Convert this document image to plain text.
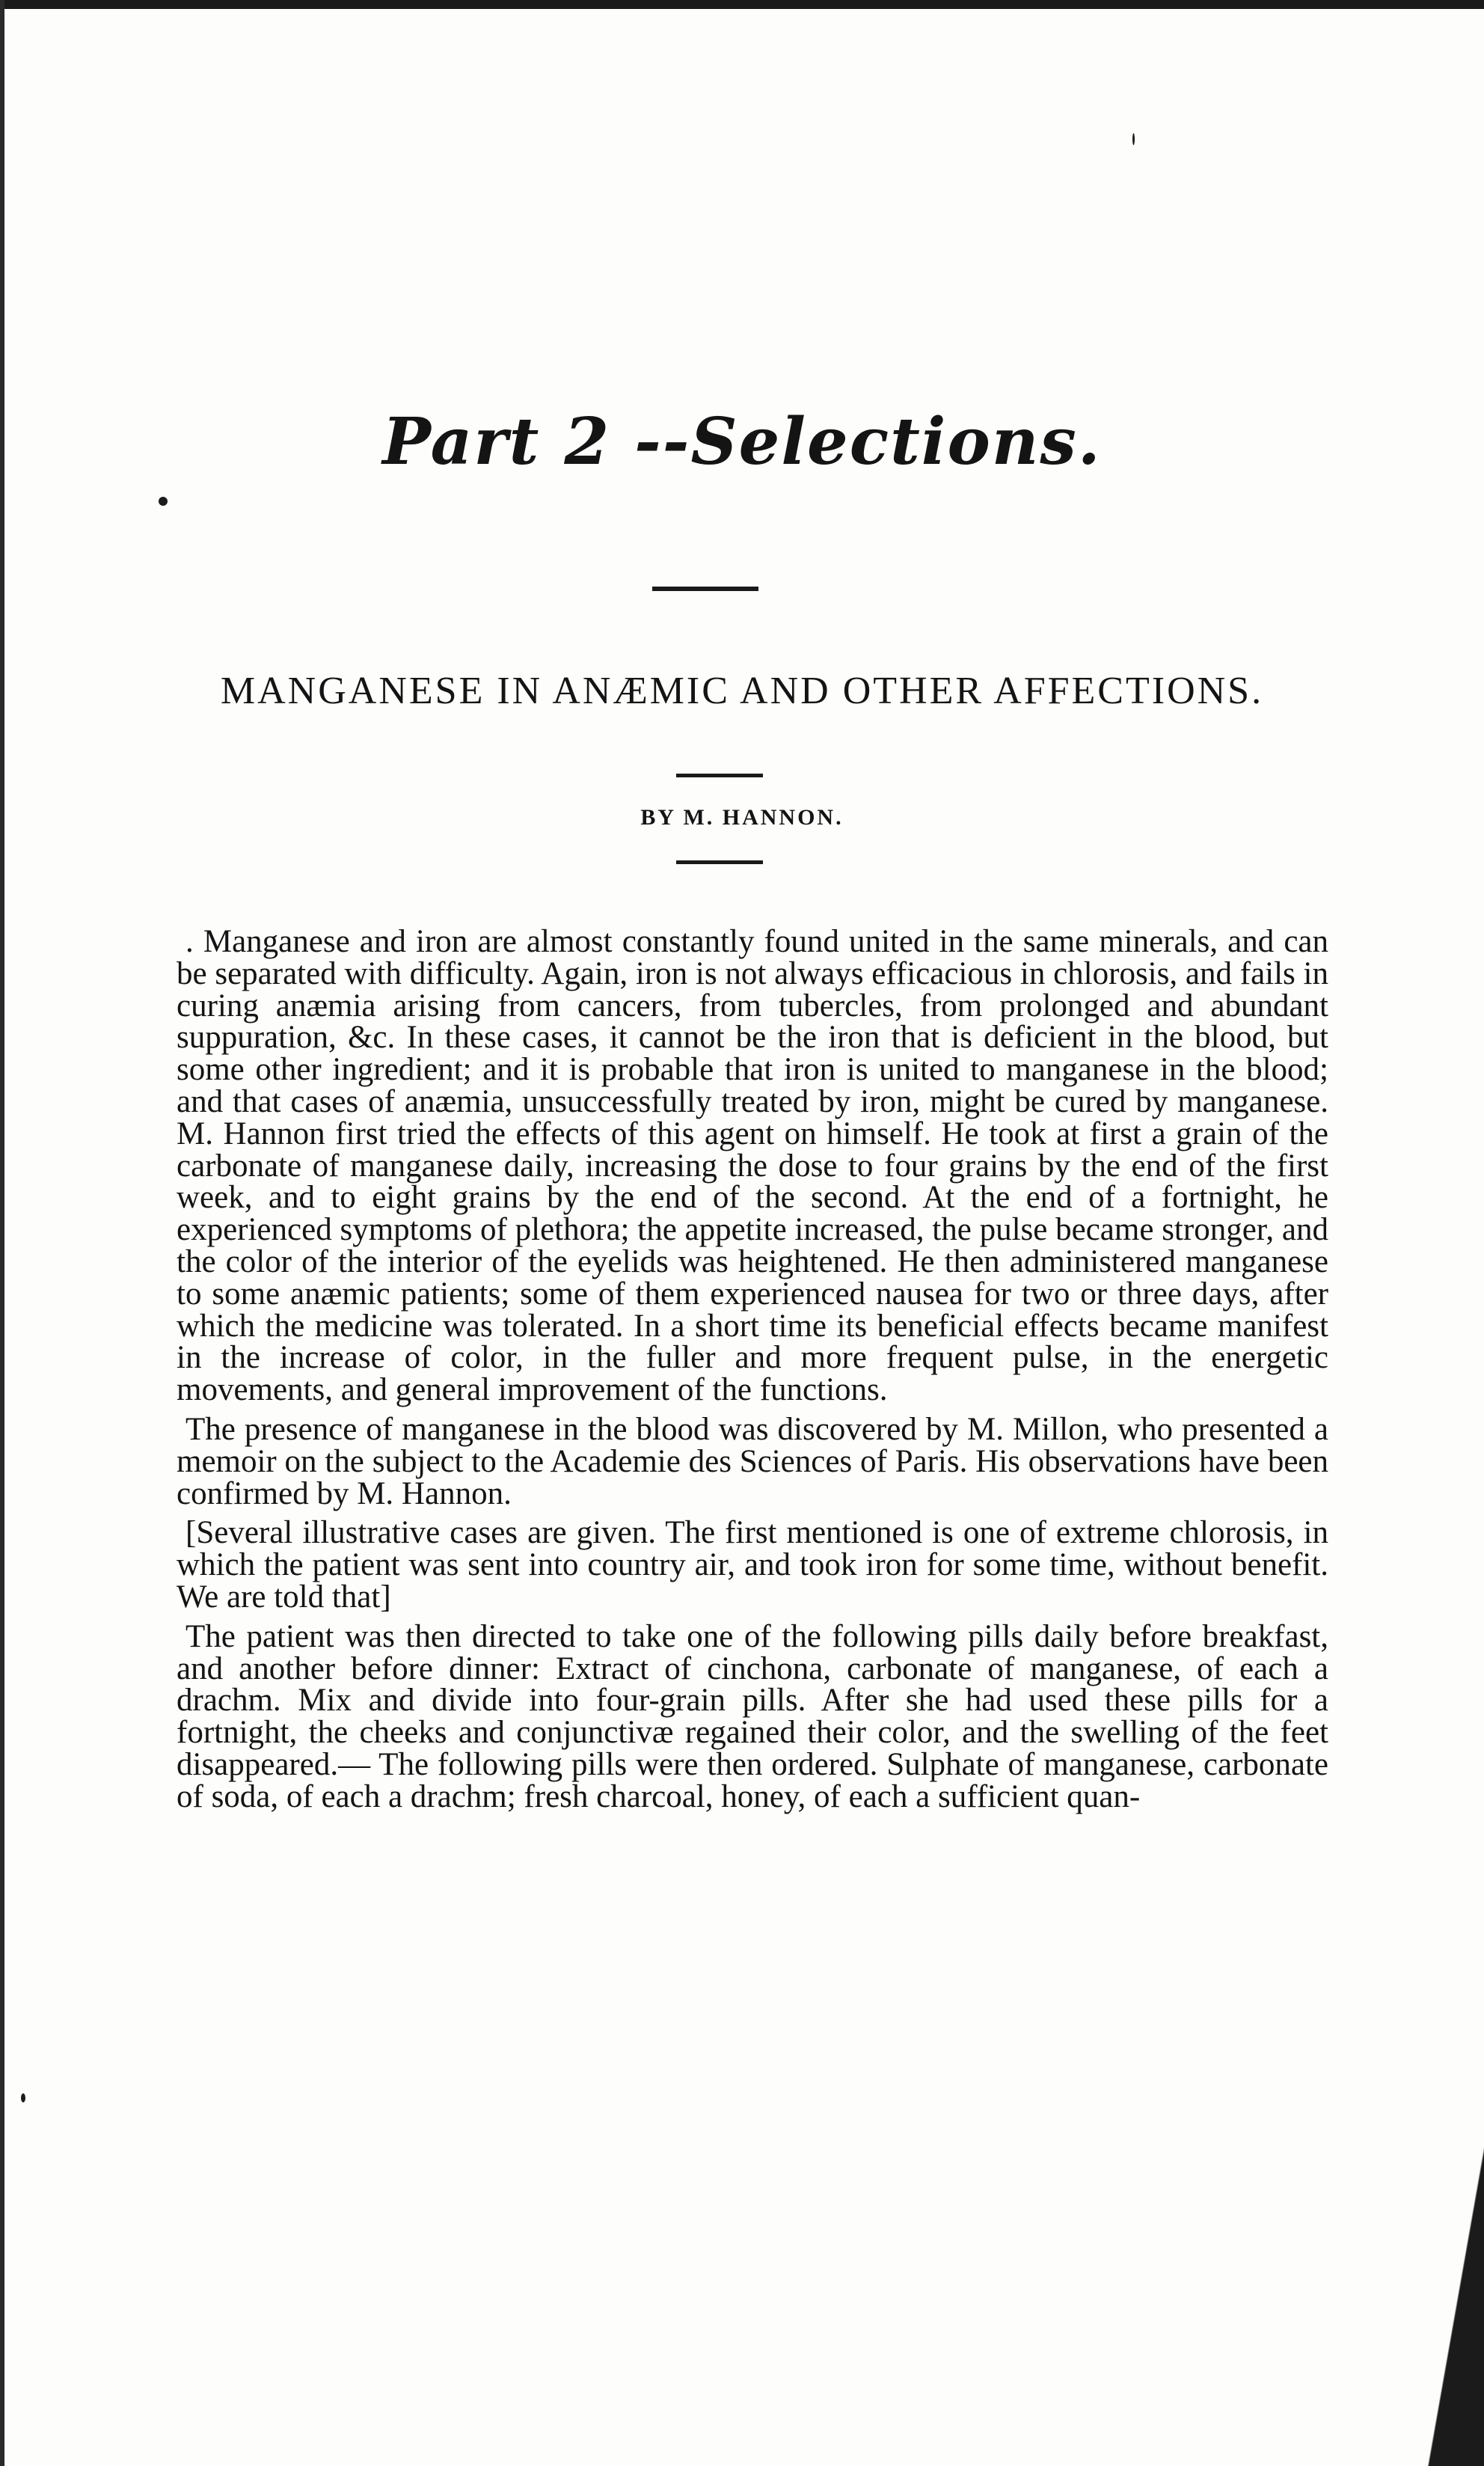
Part 2 --Selections.
MANGANESE IN ANÆMIC AND OTHER AFFECTIONS.
BY M. HANNON.

. Manganese and iron are almost constantly found united in the same minerals, and can be separated with difficulty. Again, iron is not always efficacious in chlorosis, and fails in curing anæmia arising from cancers, from tubercles, from prolonged and abundant suppuration, &c. In these cases, it cannot be the iron that is deficient in the blood, but some other ingredient; and it is probable that iron is united to manganese in the blood; and that cases of anæmia, unsuccessfully treated by iron, might be cured by manganese. M. Hannon first tried the effects of this agent on himself. He took at first a grain of the carbonate of manganese daily, increasing the dose to four grains by the end of the first week, and to eight grains by the end of the second. At the end of a fortnight, he experienced symptoms of plethora; the appetite increased, the pulse became stronger, and the color of the interior of the eyelids was heightened. He then administered manganese to some anæmic patients; some of them experienced nausea for two or three days, after which the medicine was tolerated. In a short time its beneficial effects became manifest in the increase of color, in the fuller and more frequent pulse, in the energetic movements, and general improvement of the functions.

The presence of manganese in the blood was discovered by M. Millon, who presented a memoir on the subject to the Academie des Sciences of Paris. His observations have been confirmed by M. Hannon.

[Several illustrative cases are given. The first mentioned is one of extreme chlorosis, in which the patient was sent into country air, and took iron for some time, without benefit. We are told that]

The patient was then directed to take one of the following pills daily before breakfast, and another before dinner: Extract of cinchona, carbonate of manganese, of each a drachm. Mix and divide into four-grain pills. After she had used these pills for a fortnight, the cheeks and conjunctivæ regained their color, and the swelling of the feet disappeared.— The following pills were then ordered. Sulphate of manganese, carbonate of soda, of each a drachm; fresh charcoal, honey, of each a sufficient quan-
